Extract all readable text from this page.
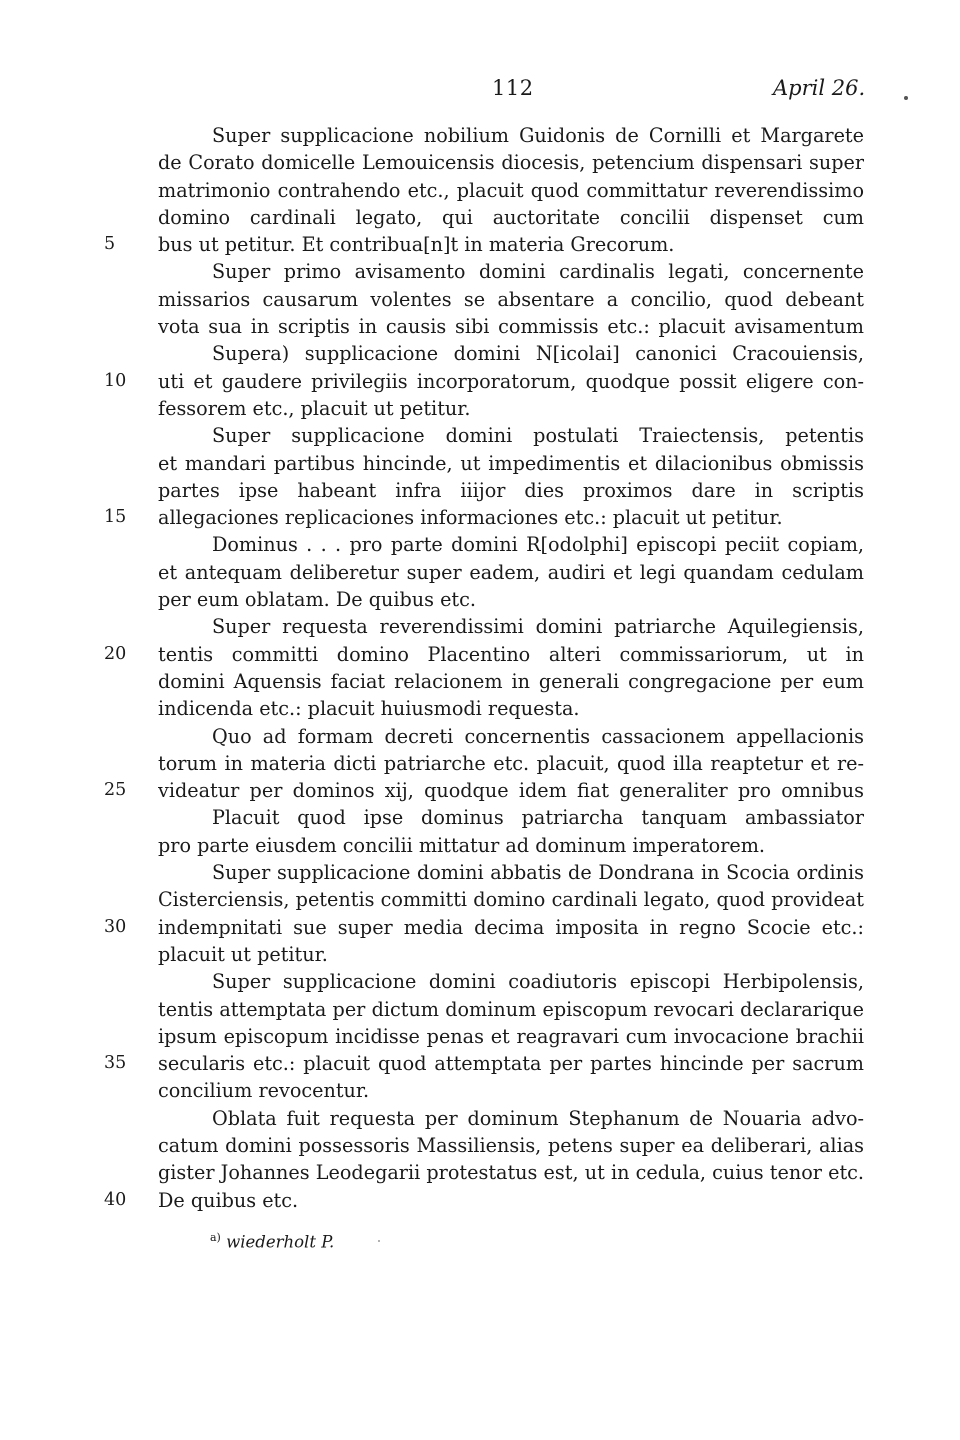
112	April 26.
Super supplicacione nobilium Guidonis de Cornilli et Margarete
de Corato domicelle Lemouicensis diocesis, petencium dispensari super
matrimonio contrahendo etc., placuit quod committatur reverendissimo
domino cardinali legato, qui auctoritate concilii dispenset cum
5	bus ut petitur. Et contribua[n]t in materia Grecorum.
Super primo avisamento domini cardinalis legati, concernente
missarios causarum volentes se absentare a concilio, quod debeant
vota sua in scriptis in causis sibi commissis etc.: placuit avisamentum
Supera) supplicacione domini N[icolai] canonici Cracouiensis,
10	uti et gaudere privilegiis incorporatorum, quodque possit eligere con-
fessorem etc., placuit ut petitur.
Super supplicacione domini postulati Traiectensis, petentis
et mandari partibus hincinde, ut impedimentis et dilacionibus obmissis
partes ipse habeant infra iiijor dies proximos dare in scriptis
15	allegaciones replicaciones informaciones etc.: placuit ut petitur.
Dominus . . . pro parte domini R[odolphi] episcopi peciit copiam,
et antequam deliberetur super eadem, audiri et legi quandam cedulam
per eum oblatam. De quibus etc.
Super requesta reverendissimi domini patriarche Aquilegiensis,
20	tentis committi domino Placentino alteri commissariorum, ut in
domini Aquensis faciat relacionem in generali congregacione per eum
indicenda etc.: placuit huiusmodi requesta.
Quo ad formam decreti concernentis cassacionem appellacionis
torum in materia dicti patriarche etc. placuit, quod illa reaptetur et re-
25	videatur per dominos xij, quodque idem fiat generaliter pro omnibus
Placuit quod ipse dominus patriarcha tanquam ambassiator
pro parte eiusdem concilii mittatur ad dominum imperatorem.
Super supplicacione domini abbatis de Dondrana in Scocia ordinis
Cisterciensis, petentis committi domino cardinali legato, quod provideat
30	indempnitati sue super media decima imposita in regno Scocie etc.:
placuit ut petitur.
Super supplicacione domini coadiutoris episcopi Herbipolensis,
tentis attemptata per dictum dominum episcopum revocari declararique
ipsum episcopum incidisse penas et reagravari cum invocacione brachii
35	secularis etc.: placuit quod attemptata per partes hincinde per sacrum
concilium revocentur.
Oblata fuit requesta per dominum Stephanum de Nouaria advo-
catum domini possessoris Massiliensis, petens super ea deliberari, alias
gister Johannes Leodegarii protestatus est, ut in cedula, cuius tenor etc.
40	De quibus etc.
$^{a)}$ wiederholt P.
